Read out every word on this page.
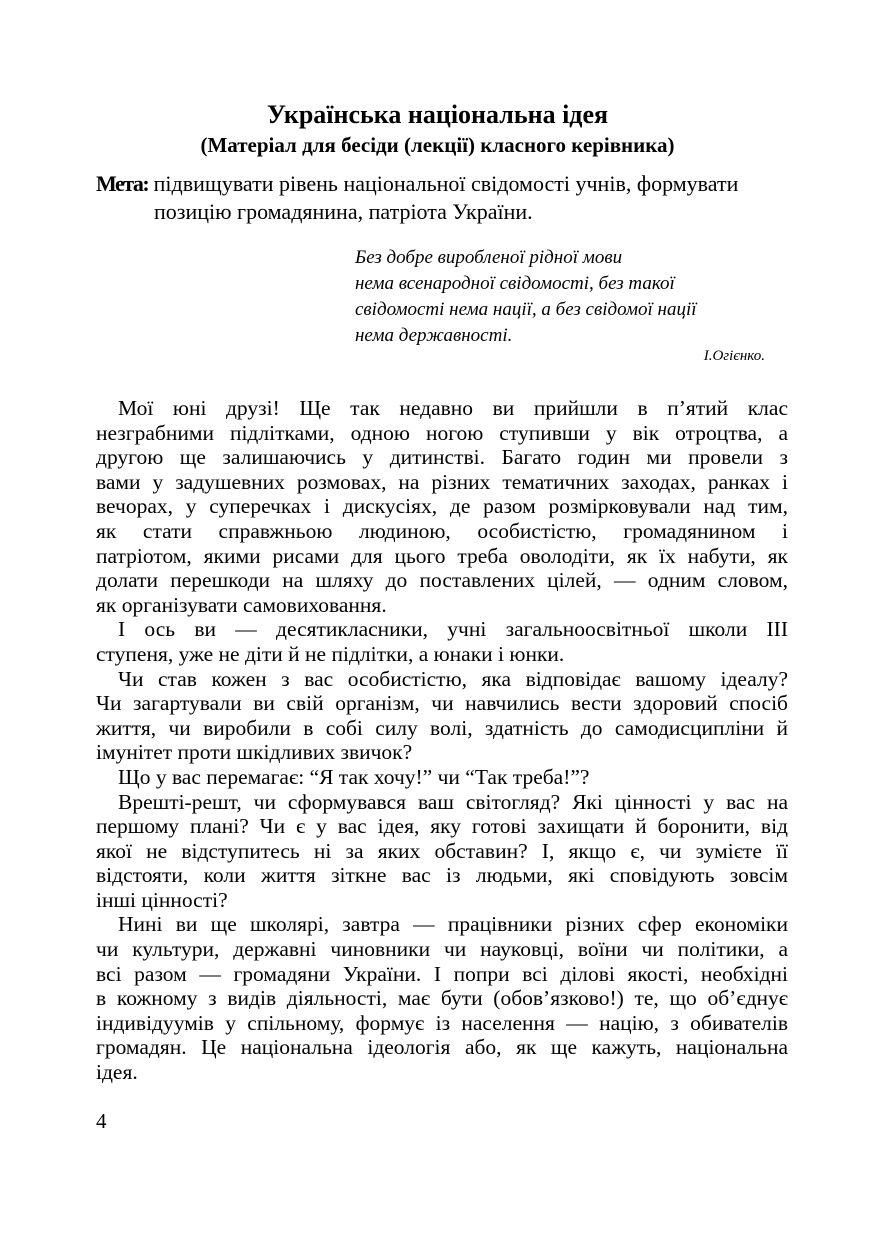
Українська національна ідея
(Матеріал для бесіди (лекції) класного керівника)
Мета: підвищувати рівень національної свідомості учнів, формувати
позицію громадянина, патріота України.
Без добре виробленої рідної мови
нема всенародної свідомості, без такої
свідомості нема нації, а без свідомої нації
нема державності.
І.Огієнко.

Мої юні друзі! Ще так недавно ви прийшли в п’ятий клас
незграбними підлітками, одною ногою ступивши у вік отроцтва, а
другою ще залишаючись у дитинстві. Багато годин ми провели з
вами у задушевних розмовах, на різних тематичних заходах, ранках і
вечорах, у суперечках і дискусіях, де разом розмірковували над тим,
як стати справжньою людиною, особистістю, громадянином і
патріотом, якими рисами для цього треба оволодіти, як їх набути, як
долати перешкоди на шляху до поставлених цілей, — одним словом,
як організувати самовиховання.

І ось ви — десятикласники, учні загальноосвітньої школи ІІІ
ступеня, уже не діти й не підлітки, а юнаки і юнки.

Чи став кожен з вас особистістю, яка відповідає вашому ідеалу?
Чи загартували ви свій організм, чи навчились вести здоровий спосіб
життя, чи виробили в собі силу волі, здатність до самодисципліни й
імунітет проти шкідливих звичок?

Що у вас перемагає: “Я так хочу!” чи “Так треба!”?

Врешті-решт, чи сформувався ваш світогляд? Які цінності у вас на
першому плані? Чи є у вас ідея, яку готові захищати й боронити, від
якої не відступитесь ні за яких обставин? І, якщо є, чи зумієте її
відстояти, коли життя зіткне вас із людьми, які сповідують зовсім
інші цінності?

Нині ви ще школярі, завтра — працівники різних сфер економіки
чи культури, державні чиновники чи науковці, воїни чи політики, а
всі разом — громадяни України. І попри всі ділові якості, необхідні
в кожному з видів діяльності, має бути (обов’язково!) те, що об’єднує
індивідуумів у спільному, формує із населення — націю, з обивателів
громадян. Це національна ідеологія або, як ще кажуть, національна
ідея.

4
